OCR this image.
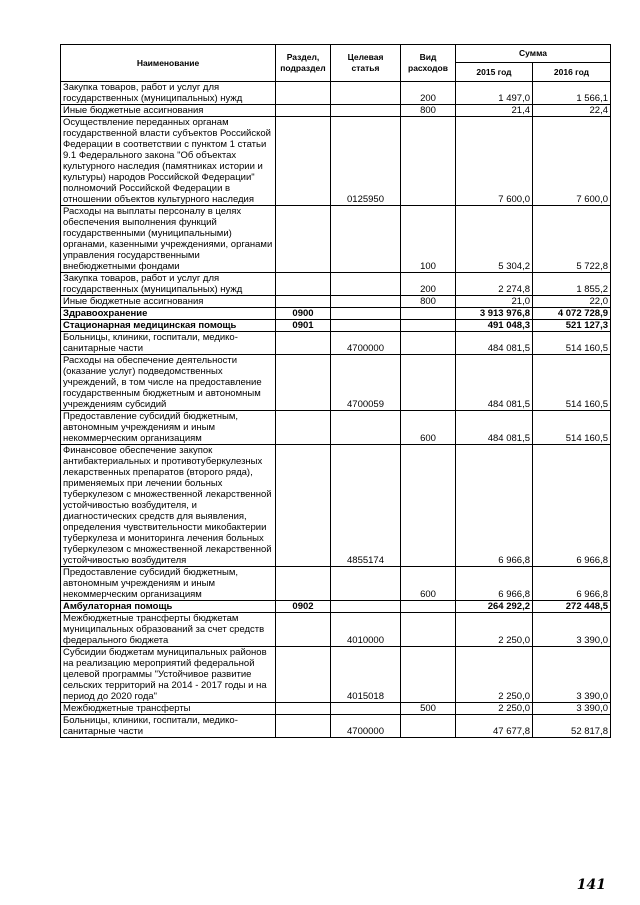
Наименование	Раздел, подраздел	Целевая статья	Вид расходов	Сумма	
				2015 год	2016 год
Закупка товаров, работ и услуг для государственных (муниципальных) нужд			200	1 497,0	1 566,1
Иные бюджетные ассигнования			800	21,4	22,4
Осуществление переданных органам государственной власти субъектов Российской Федерации в соответствии с пунктом 1 статьи 9.1 Федерального закона "Об объектах культурного наследия (памятниках истории и культуры) народов Российской Федерации" полномочий Российской Федерации в отношении объектов культурного наследия		0125950		7 600,0	7 600,0
Расходы на выплаты персоналу в целях обеспечения выполнения функций государственными (муниципальными) органами, казенными учреждениями, органами управления государственными внебюджетными фондами			100	5 304,2	5 722,8
Закупка товаров, работ и услуг для государственных (муниципальных) нужд			200	2 274,8	1 855,2
Иные бюджетные ассигнования			800	21,0	22,0
Здравоохранение	0900			3 913 976,8	4 072 728,9
Стационарная медицинская помощь	0901			491 048,3	521 127,3
Больницы, клиники, госпитали, медико-санитарные части		4700000		484 081,5	514 160,5
Расходы на обеспечение деятельности (оказание услуг) подведомственных учреждений, в том числе на предоставление государственным бюджетным и автономным учреждениям субсидий		4700059		484 081,5	514 160,5
Предоставление субсидий бюджетным, автономным учреждениям и иным некоммерческим организациям			600	484 081,5	514 160,5
Финансовое обеспечение закупок антибактериальных и противотуберкулезных лекарственных препаратов (второго ряда), применяемых при лечении больных туберкулезом с множественной лекарственной устойчивостью возбудителя, и диагностических средств для выявления, определения чувствительности микобактерии туберкулеза и мониторинга лечения больных туберкулезом с множественной лекарственной устойчивостью возбудителя		4855174		6 966,8	6 966,8
Предоставление субсидий бюджетным, автономным учреждениям и иным некоммерческим организациям			600	6 966,8	6 966,8
Амбулаторная помощь	0902			264 292,2	272 448,5
Межбюджетные трансферты бюджетам муниципальных образований за счет средств федерального бюджета		4010000		2 250,0	3 390,0
Субсидии бюджетам муниципальных районов на реализацию мероприятий федеральной целевой программы "Устойчивое развитие сельских территорий на 2014 - 2017 годы и на период до 2020 года"		4015018		2 250,0	3 390,0
Межбюджетные трансферты			500	2 250,0	3 390,0
Больницы, клиники, госпитали, медико-санитарные части		4700000		47 677,8	52 817,8
141
